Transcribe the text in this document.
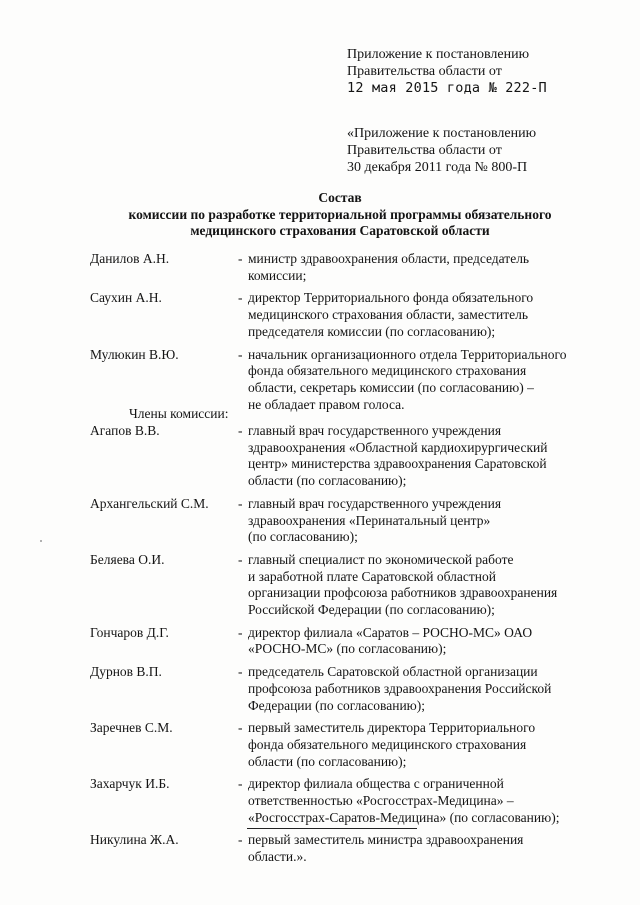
Приложение к постановлению
Правительства области от
12 мая 2015 года № 222-П
«Приложение к постановлению
Правительства области от
30 декабря 2011 года № 800-П
Состав
комиссии по разработке территориальной программы обязательного
медицинского страхования Саратовской области
Данилов А.Н.	- министр здравоохранения области, председатель
комиссии;
Саухин А.Н.	- директор Территориального фонда обязательного
медицинского страхования области, заместитель
председателя комиссии (по согласованию);
Мулюкин В.Ю.	- начальник организационного отдела Территориального
фонда обязательного медицинского страхования
области, секретарь комиссии (по согласованию) –
не обладает правом голоса.
Члены комиссии:
Агапов В.В.	- главный врач государственного учреждения
здравоохранения «Областной кардиохирургический
центр» министерства здравоохранения Саратовской
области (по согласованию);
Архангельский С.М.	- главный врач государственного учреждения
здравоохранения «Перинатальный центр»
(по согласованию);
Беляева О.И.	- главный специалист по экономической работе
и заработной плате Саратовской областной
организации профсоюза работников здравоохранения
Российской Федерации (по согласованию);
Гончаров Д.Г.	- директор филиала «Саратов – РОСНО-МС» ОАО
«РОСНО-МС» (по согласованию);
Дурнов В.П.	- председатель Саратовской областной организации
профсоюза работников здравоохранения Российской
Федерации (по согласованию);
Заречнев С.М.	- первый заместитель директора Территориального
фонда обязательного медицинского страхования
области (по согласованию);
Захарчук И.Б.	- директор филиала общества с ограниченной
ответственностью «Росгосстрах-Медицина» –
«Росгосстрах-Саратов-Медицина» (по согласованию);
Никулина Ж.А.	- первый заместитель министра здравоохранения
области.».
